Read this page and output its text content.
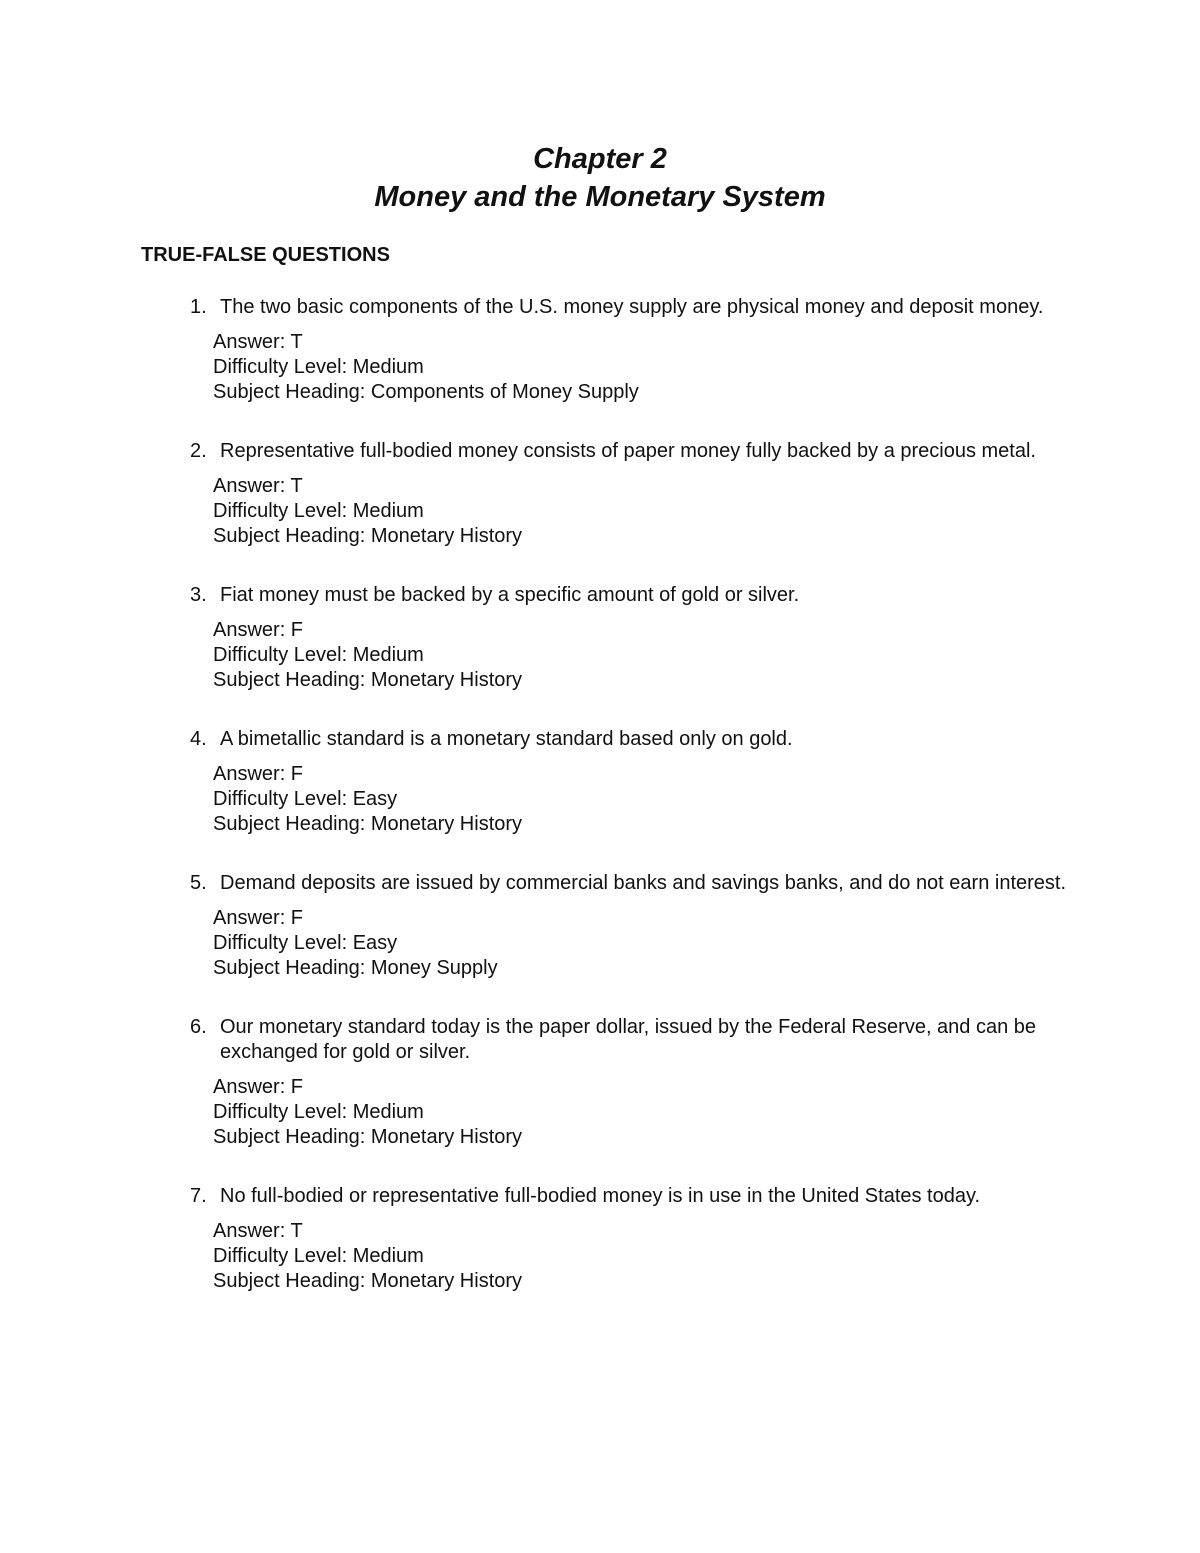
Chapter 2
Money and the Monetary System
TRUE-FALSE QUESTIONS
1. The two basic components of the U.S. money supply are physical money and deposit money.
Answer: T
Difficulty Level: Medium
Subject Heading: Components of Money Supply
2. Representative full-bodied money consists of paper money fully backed by a precious metal.
Answer: T
Difficulty Level: Medium
Subject Heading: Monetary History
3. Fiat money must be backed by a specific amount of gold or silver.
Answer: F
Difficulty Level: Medium
Subject Heading: Monetary History
4. A bimetallic standard is a monetary standard based only on gold.
Answer: F
Difficulty Level: Easy
Subject Heading: Monetary History
5. Demand deposits are issued by commercial banks and savings banks, and do not earn interest.
Answer: F
Difficulty Level: Easy
Subject Heading: Money Supply
6. Our monetary standard today is the paper dollar, issued by the Federal Reserve, and can be exchanged for gold or silver.
Answer: F
Difficulty Level: Medium
Subject Heading: Monetary History
7. No full-bodied or representative full-bodied money is in use in the United States today.
Answer: T
Difficulty Level: Medium
Subject Heading: Monetary History
